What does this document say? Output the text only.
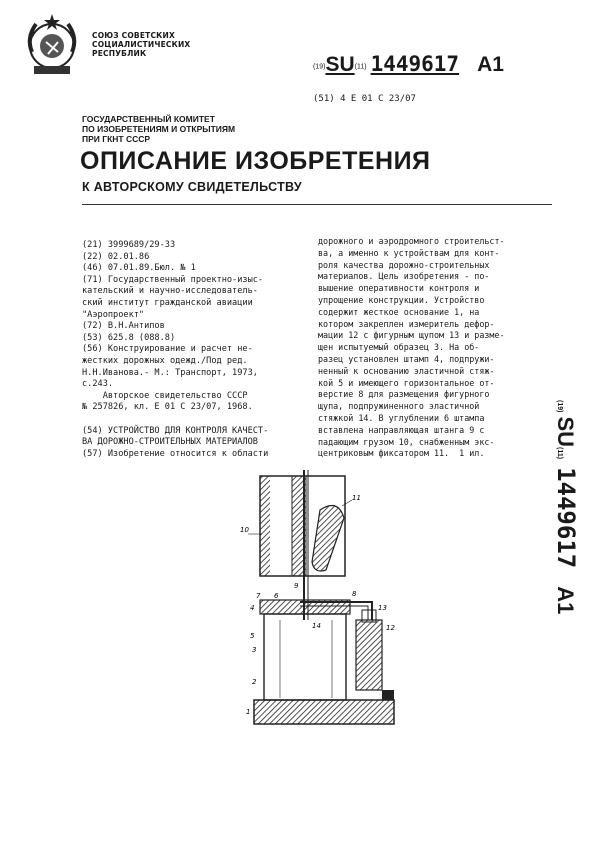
СОЮЗ СОВЕТСКИХ
СОЦИАЛИСТИЧЕСКИХ
РЕСПУБЛИК
(19)SU(11) 1449617 A1
(51) 4 E 01 C 23/07
ГОСУДАРСТВЕННЫЙ КОМИТЕТ
ПО ИЗОБРЕТЕНИЯМ И ОТКРЫТИЯМ
ПРИ ГКНТ СССР
ОПИСАНИЕ ИЗОБРЕТЕНИЯ
К АВТОРСКОМУ СВИДЕТЕЛЬСТВУ
(21) 3999689/29-33
(22) 02.01.86
(46) 07.01.89.Бюл. № 1
(71) Государственный проектно-изыс-
кательский и научно-исследователь-
ский институт гражданской авиации
"Аэропроект"
(72) В.Н.Антипов
(53) 625.8 (088.8)
(56) Конструирование и расчет не-
жестких дорожных одежд./Под ред.
Н.Н.Иванова.- М.: Транспорт, 1973,
с.243.
Авторское свидетельство СССР
№ 257826, кл. Е 01 С 23/07, 1968.

(54) УСТРОЙСТВО ДЛЯ КОНТРОЛЯ КАЧЕСТ-
ВА ДОРОЖНО-СТРОИТЕЛЬНЫХ МАТЕРИАЛОВ
(57) Изобретение относится к области
дорожного и аэродромного строительст-
ва, а именно к устройствам для конт-
роля качества дорожно-строительных
материалов. Цель изобретения - по-
вышение оперативности контроля и
упрощение конструкции. Устройство
содержит жесткое основание 1, на
котором закреплен измеритель дефор-
мации 12 с фигурным щупом 13 и разме-
щен испытуемый образец 3. На об-
разец установлен штамп 4, подпружи-
ненный к основанию эластичной стяж-
кой 5 и имеющего горизонтальное от-
верстие 8 для размещения фигурного
щупа, подпружиненного эластичной
стяжкой 14. В углублении 6 штампа
вставлена направляющая штанга 9 с
падающим грузом 10, снабженным экс-
центриковым фиксатором 11.  1 ил.
(19)SU(11)1449617A1
10
11
9
7 6
4
8
14
13
5
3
12
2
1
